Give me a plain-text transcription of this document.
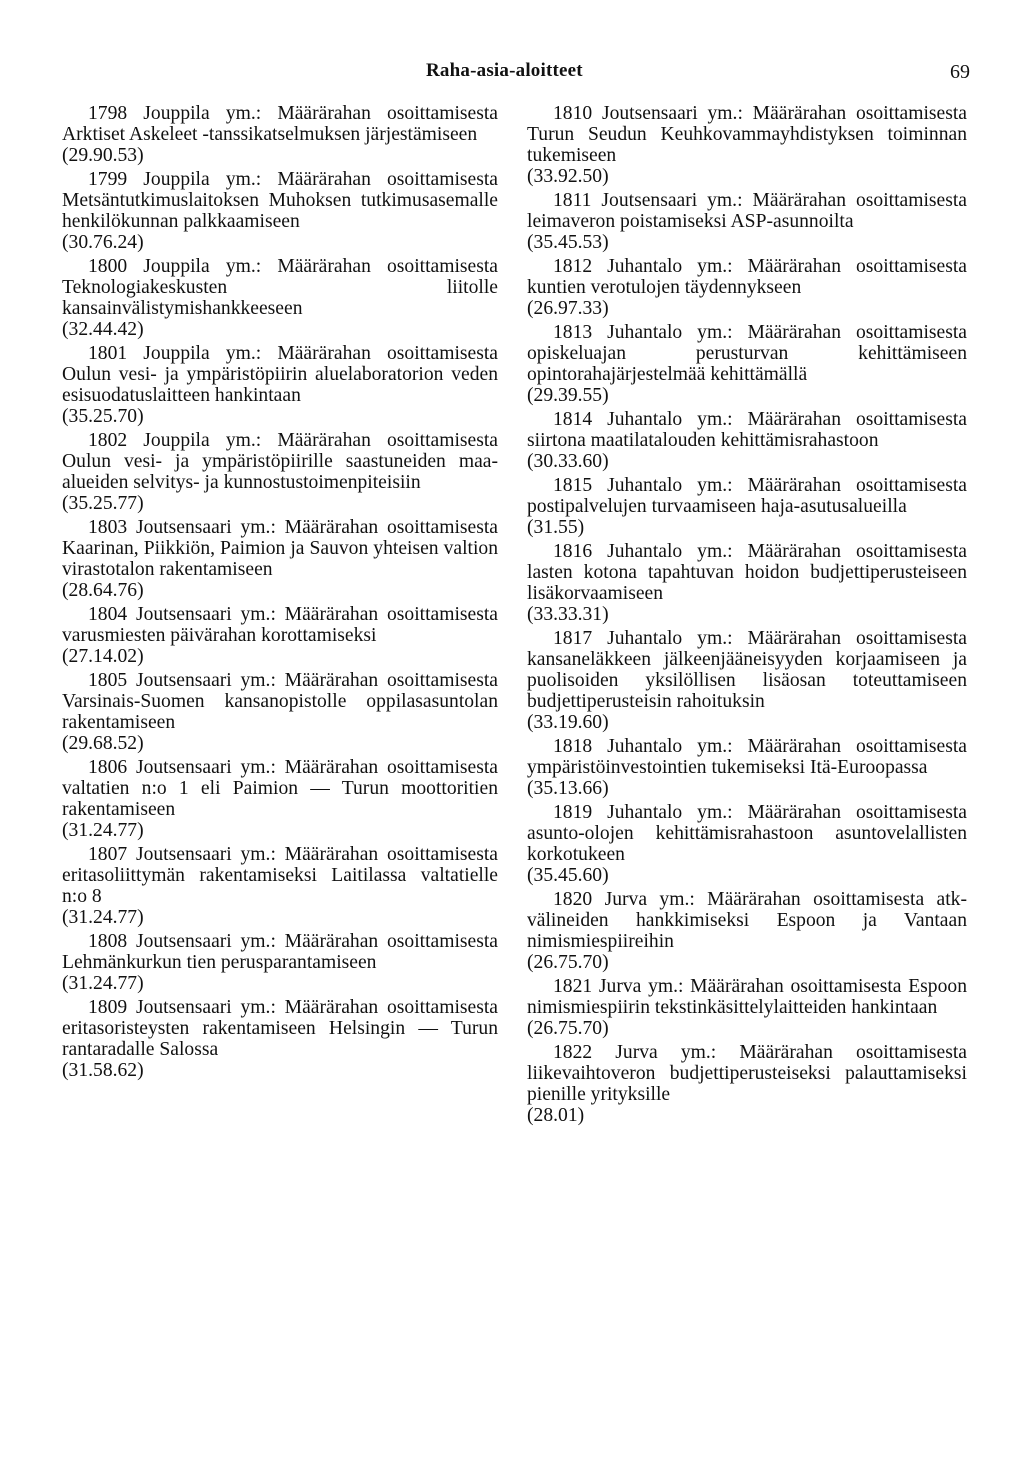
Raha-asia-aloitteet	69

1798 Jouppila ym.: Määrärahan osoittamisesta Arktiset Askeleet -tanssikatselmuksen järjestämiseen

(29.90.53)

1799 Jouppila ym.: Määrärahan osoittamisesta Metsäntutkimuslaitoksen Muhoksen tutkimusasemalle henkilökunnan palkkaamiseen

(30.76.24)

1800 Jouppila ym.: Määrärahan osoittamisesta Teknologiakeskusten liitolle kansainvälistymishankkeeseen

(32.44.42)

1801 Jouppila ym.: Määrärahan osoittamisesta Oulun vesi- ja ympäristöpiirin aluelaboratorion veden esisuodatuslaitteen hankintaan

(35.25.70)

1802 Jouppila ym.: Määrärahan osoittamisesta Oulun vesi- ja ympäristöpiirille saastuneiden maa-alueiden selvitys- ja kunnostustoimenpiteisiin

(35.25.77)

1803 Joutsensaari ym.: Määrärahan osoittamisesta Kaarinan, Piikkiön, Paimion ja Sauvon yhteisen valtion virastotalon rakentamiseen

(28.64.76)

1804 Joutsensaari ym.: Määrärahan osoittamisesta varusmiesten päivärahan korottamiseksi

(27.14.02)

1805 Joutsensaari ym.: Määrärahan osoittamisesta Varsinais-Suomen kansanopistolle oppilasasuntolan rakentamiseen

(29.68.52)

1806 Joutsensaari ym.: Määrärahan osoittamisesta valtatien n:o 1 eli Paimion — Turun moottoritien rakentamiseen

(31.24.77)

1807 Joutsensaari ym.: Määrärahan osoittamisesta eritasoliittymän rakentamiseksi Laitilassa valtatielle n:o 8

(31.24.77)

1808 Joutsensaari ym.: Määrärahan osoittamisesta Lehmänkurkun tien perusparantamiseen

(31.24.77)

1809 Joutsensaari ym.: Määrärahan osoittamisesta eritasoristeysten rakentamiseen Helsingin — Turun rantaradalle Salossa

(31.58.62)

1810 Joutsensaari ym.: Määrärahan osoittamisesta Turun Seudun Keuhkovammayhdistyksen toiminnan tukemiseen

(33.92.50)

1811 Joutsensaari ym.: Määrärahan osoittamisesta leimaveron poistamiseksi ASP-asunnoilta

(35.45.53)

1812 Juhantalo ym.: Määrärahan osoittamisesta kuntien verotulojen täydennykseen

(26.97.33)

1813 Juhantalo ym.: Määrärahan osoittamisesta opiskeluajan perusturvan kehittämiseen opintorahajärjestelmää kehittämällä

(29.39.55)

1814 Juhantalo ym.: Määrärahan osoittamisesta siirtona maatilatalouden kehittämisrahastoon

(30.33.60)

1815 Juhantalo ym.: Määrärahan osoittamisesta postipalvelujen turvaamiseen haja-asutusalueilla

(31.55)

1816 Juhantalo ym.: Määrärahan osoittamisesta lasten kotona tapahtuvan hoidon budjettiperusteiseen lisäkorvaamiseen

(33.33.31)

1817 Juhantalo ym.: Määrärahan osoittamisesta kansaneläkkeen jälkeenjääneisyyden korjaamiseen ja puolisoiden yksilöllisen lisäosan toteuttamiseen budjettiperusteisin rahoituksin

(33.19.60)

1818 Juhantalo ym.: Määrärahan osoittamisesta ympäristöinvestointien tukemiseksi Itä-Euroopassa

(35.13.66)

1819 Juhantalo ym.: Määrärahan osoittamisesta asunto-olojen kehittämisrahastoon asuntovelallisten korkotukeen

(35.45.60)

1820 Jurva ym.: Määrärahan osoittamisesta atk-välineiden hankkimiseksi Espoon ja Vantaan nimismiespiireihin

(26.75.70)

1821 Jurva ym.: Määrärahan osoittamisesta Espoon nimismiespiirin tekstinkäsittelylaitteiden hankintaan

(26.75.70)

1822 Jurva ym.: Määrärahan osoittamisesta liikevaihtoveron budjettiperusteiseksi palauttamiseksi pienille yrityksille

(28.01)
